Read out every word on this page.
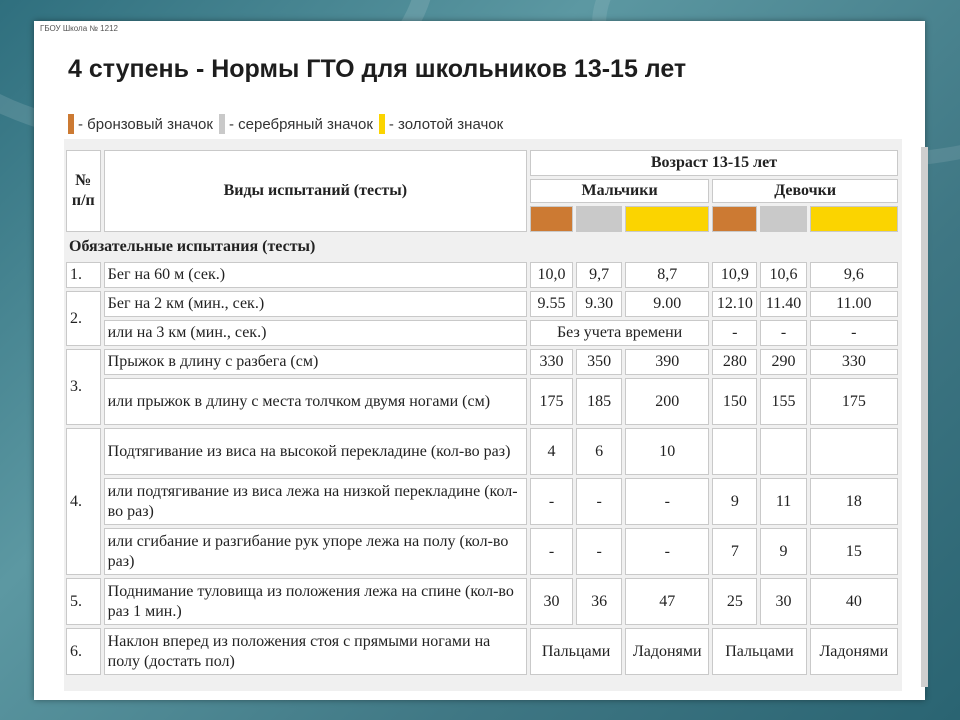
ГБОУ Школа № 1212
4 ступень - Нормы ГТО для школьников 13-15 лет
- бронзовый значок - серебряный значок - золотой значок
№ п/п	Виды испытаний (тесты)	Возраст 13-15 лет					
		Мальчики			Девочки		

Обязательные испытания (тесты)							
1.	Бег на 60 м (сек.)	10,0	9,7	8,7	10,9	10,6	9,6
2.	Бег на 2 км (мин., сек.)	9.55	9.30	9.00	12.10	11.40	11.00
	или на 3 км (мин., сек.)	Без учета времени			-	-	-
3.	Прыжок в длину с разбега (см)	330	350	390	280	290	330
	или прыжок в длину с места толчком двумя ногами (см)	175	185	200	150	155	175
4.	Подтягивание из виса на высокой перекладине (кол-во раз)	4	6	10			
	или подтягивание из виса лежа на низкой перекладине (кол-во раз)	-	-	-	9	11	18
	или сгибание и разгибание рук упоре лежа на полу (кол-во раз)	-	-	-	7	9	15
5.	Поднимание туловища из положения лежа на спине (кол-во раз 1 мин.)	30	36	47	25	30	40
6.	Наклон вперед из положения стоя с прямыми ногами на полу (достать пол)	Пальцами		Ладонями	Пальцами		Ладонями
